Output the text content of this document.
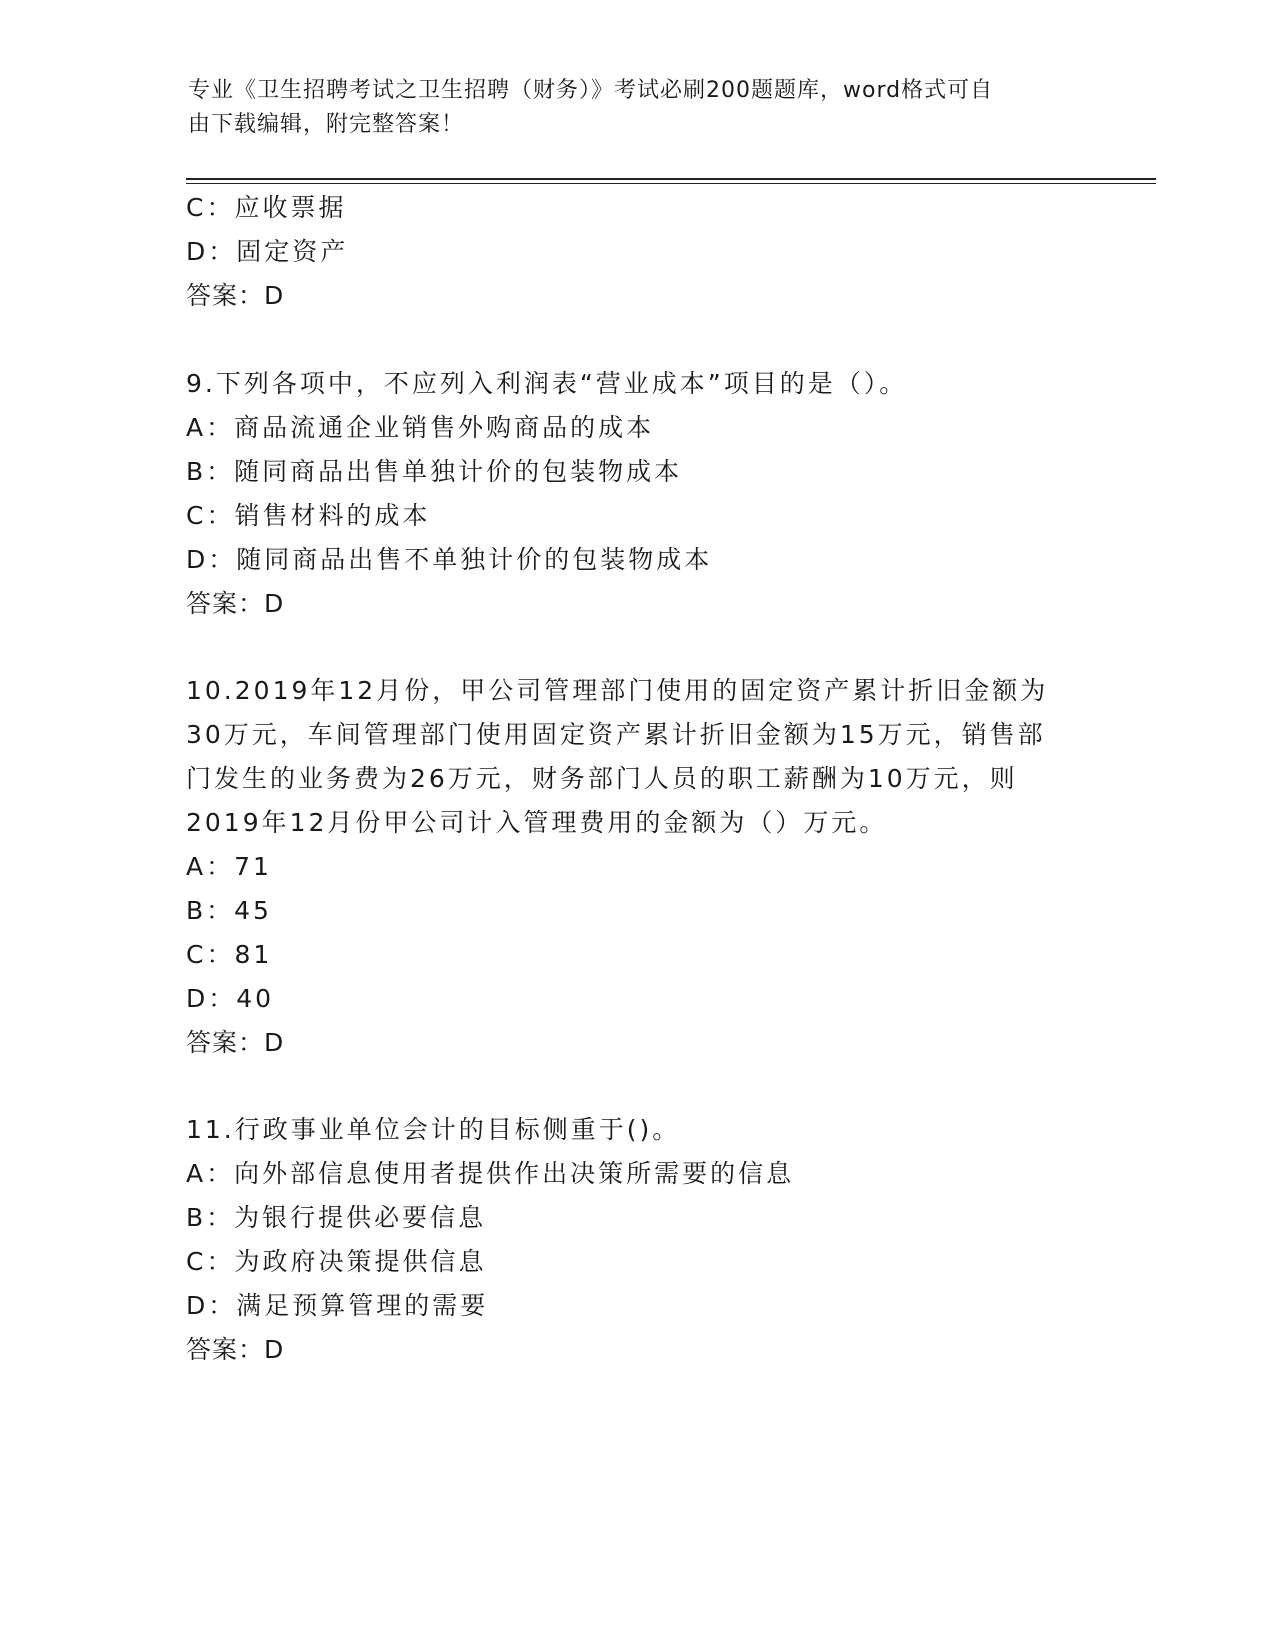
专业《卫生招聘考试之卫生招聘（财务）》考试必刷200题题库，word格式可自
由下载编辑，附完整答案！
C：应收票据
D：固定资产
答案：D
9.下列各项中，不应列入利润表“营业成本”项目的是（）。
A：商品流通企业销售外购商品的成本
B：随同商品出售单独计价的包装物成本
C：销售材料的成本
D：随同商品出售不单独计价的包装物成本
答案：D
10.2019年12月份，甲公司管理部门使用的固定资产累计折旧金额为
30万元，车间管理部门使用固定资产累计折旧金额为15万元，销售部
门发生的业务费为26万元，财务部门人员的职工薪酬为10万元，则
2019年12月份甲公司计入管理费用的金额为（）万元。
A：71
B：45
C：81
D：40
答案：D
11.行政事业单位会计的目标侧重于()。
A：向外部信息使用者提供作出决策所需要的信息
B：为银行提供必要信息
C：为政府决策提供信息
D：满足预算管理的需要
答案：D
